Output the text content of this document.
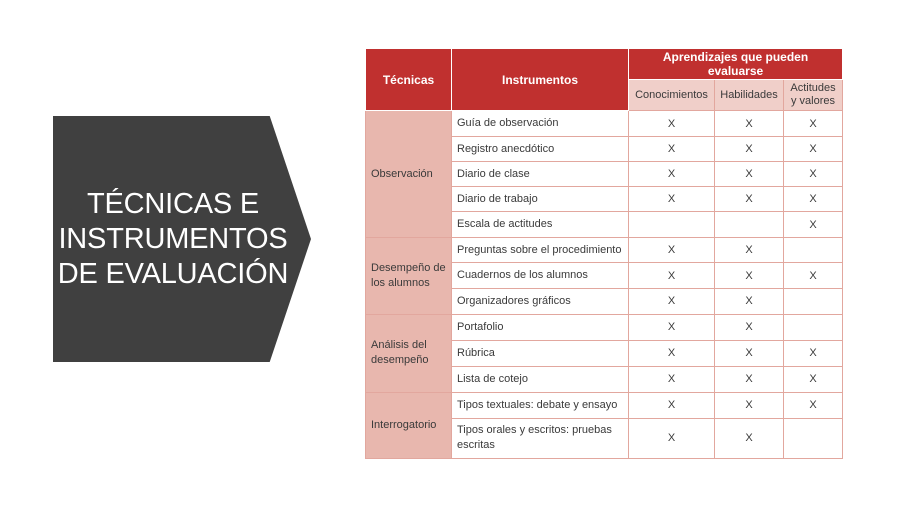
TÉCNICAS E
INSTRUMENTOS
DE EVALUACIÓN
Técnicas	Instrumentos	Aprendizajes que pueden evaluarse		
		Conocimientos	Habilidades	Actitudes y valores
Observación	Guía de observación	X	X	X
	Registro anecdótico	X	X	X
	Diario de clase	X	X	X
	Diario de trabajo	X	X	X
	Escala de actitudes			X
Desempeño de los alumnos	Preguntas sobre el procedimiento	X	X	
	Cuadernos de los alumnos	X	X	X
	Organizadores gráficos	X	X	
Análisis del desempeño	Portafolio	X	X	
	Rúbrica	X	X	X
	Lista de cotejo	X	X	X
Interrogatorio	Tipos textuales: debate y ensayo	X	X	X
	Tipos orales y escritos: pruebas escritas	X	X	
